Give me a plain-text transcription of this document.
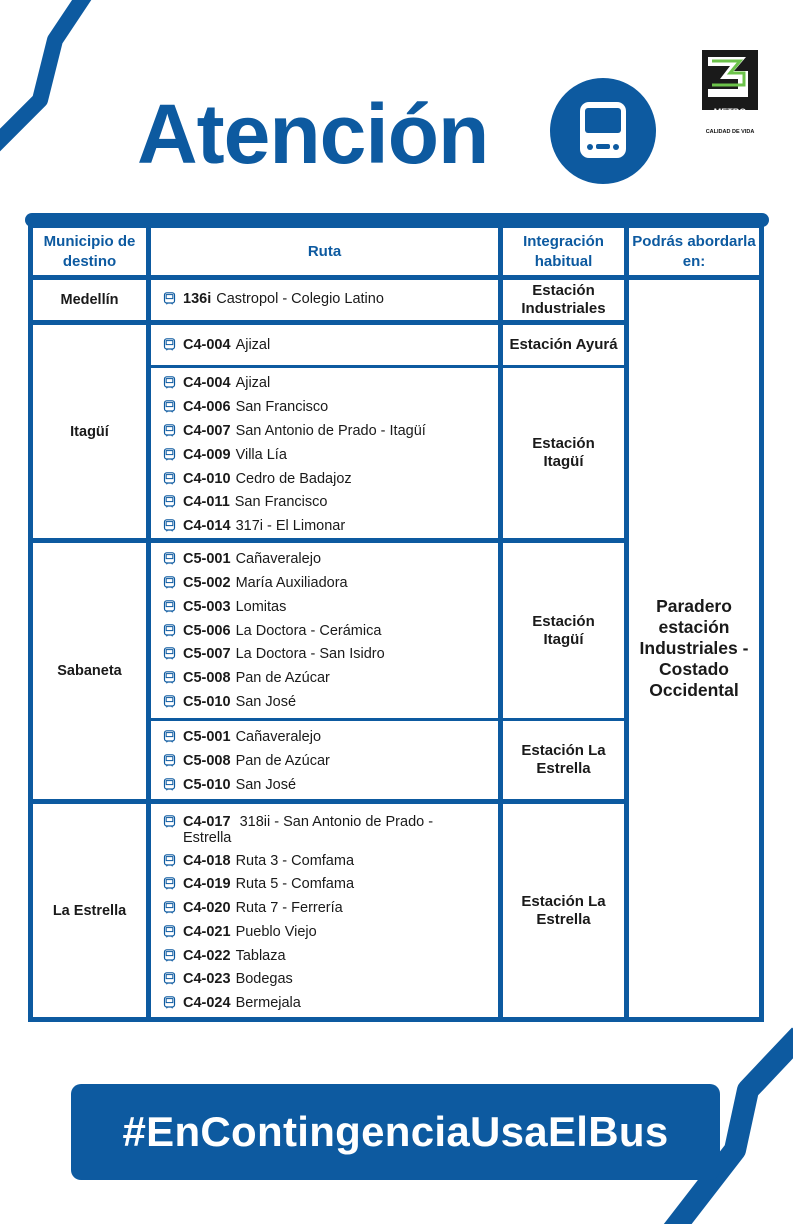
Atención	METRO
DE MEDELLÍN
CALIDAD DE VIDA
Municipio de destino
Ruta
Integración habitual
Podrás abordarla en:
Medellín
Itagüí
Sabaneta
La Estrella
136i Castropol - Colegio Latino
C4-004 Ajizal
C4-004 Ajizal
C4-006 San Francisco
C4-007 San Antonio de Prado - Itagüí
C4-009 Villa Lía
C4-010 Cedro de Badajoz
C4-011 San Francisco
C4-014 317i - El Limonar
C5-001 Cañaveralejo
C5-002 María Auxiliadora
C5-003 Lomitas
C5-006 La Doctora - Cerámica
C5-007 La Doctora - San Isidro
C5-008 Pan de Azúcar
C5-010 San José
C5-001 Cañaveralejo
C5-008 Pan de Azúcar
C5-010 San José
C4-017 318ii - San Antonio de Prado - Estrella
C4-018 Ruta 3 - Comfama
C4-019 Ruta 5 - Comfama
C4-020 Ruta 7 - Ferrería
C4-021 Pueblo Viejo
C4-022 Tablaza
C4-023 Bodegas
C4-024 Bermejala
Estación Industriales
Estación Ayurá
Estación Itagüí
Estación Itagüí
Estación La Estrella
Estación La Estrella
Paradero estación Industriales - Costado Occidental
#EnContingenciaUsaElBus
